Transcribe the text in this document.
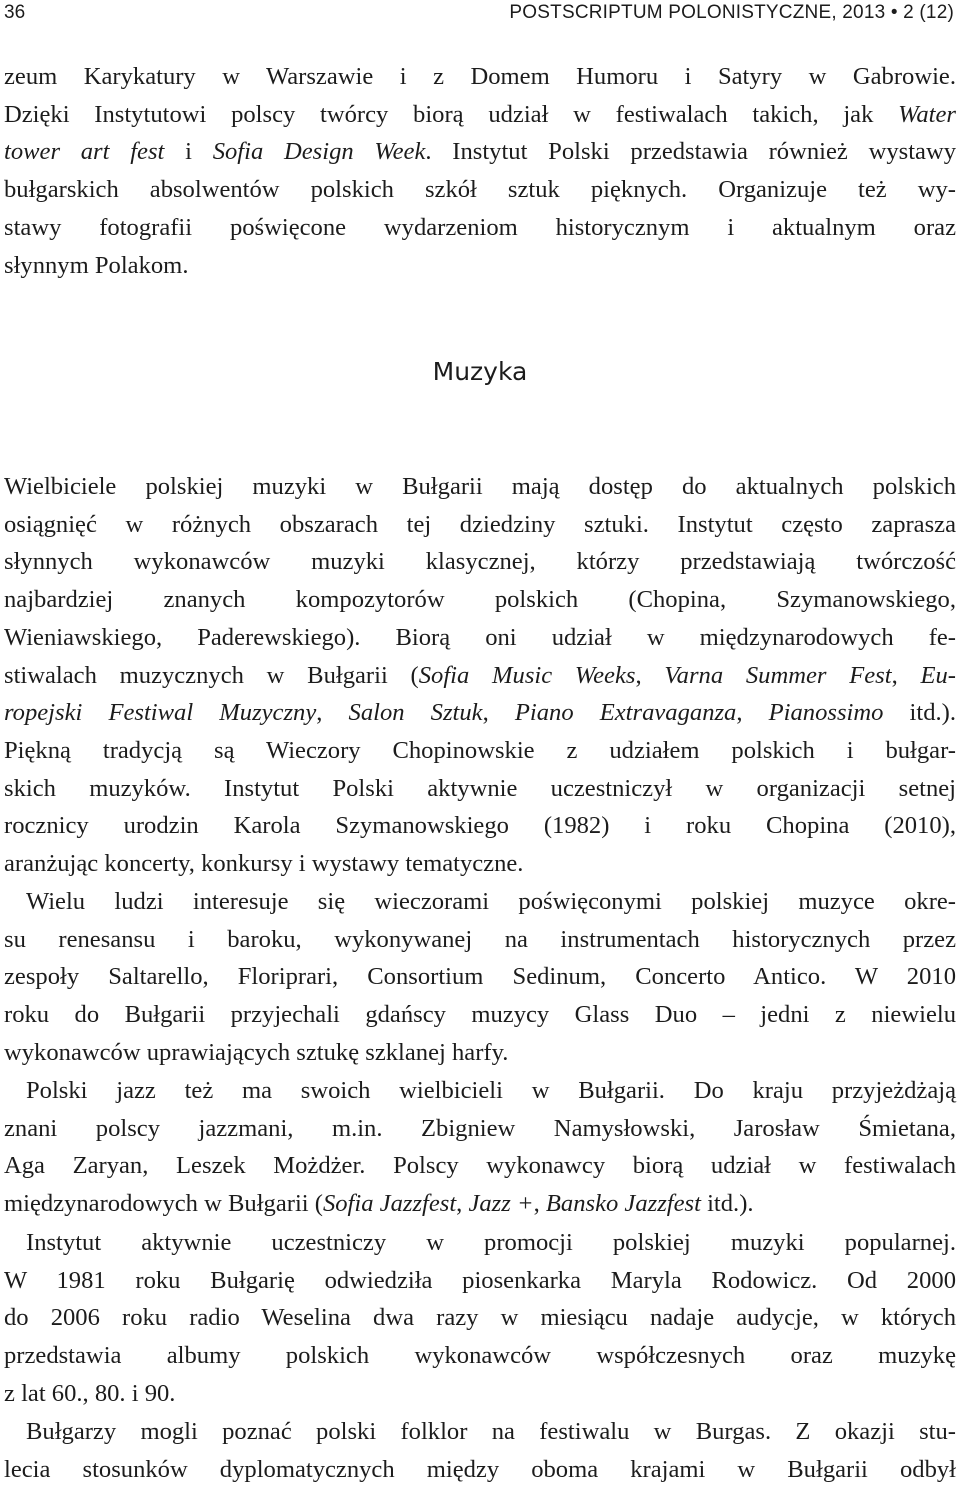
36	POSTSCRIPTUM POLONISTYCZNE, 2013 • 2 (12)

zeum Karykatury w Warszawie i z Domem Humoru i Satyry w Gabrowie.
Dzięki Instytutowi polscy twórcy biorą udział w festiwalach takich, jak Water
tower art fest i Sofia Design Week. Instytut Polski przedstawia również wystawy
bułgarskich absolwentów polskich szkół sztuk pięknych. Organizuje też wy-
stawy fotografii poświęcone wydarzeniom historycznym i aktualnym oraz
słynnym Polakom.

Muzyka

Wielbiciele polskiej muzyki w Bułgarii mają dostęp do aktualnych polskich
osiągnięć w różnych obszarach tej dziedziny sztuki. Instytut często zaprasza
słynnych wykonawców muzyki klasycznej, którzy przedstawiają twórczość
najbardziej znanych kompozytorów polskich (Chopina, Szymanowskiego,
Wieniawskiego, Paderewskiego). Biorą oni udział w międzynarodowych fe-
stiwalach muzycznych w Bułgarii (Sofia Music Weeks, Varna Summer Fest, Eu-
ropejski Festiwal Muzyczny, Salon Sztuk, Piano Extravaganza, Pianossimo itd.).
Piękną tradycją są Wieczory Chopinowskie z udziałem polskich i bułgar-
skich muzyków. Instytut Polski aktywnie uczestniczył w organizacji setnej
rocznicy urodzin Karola Szymanowskiego (1982) i roku Chopina (2010),
aranżując koncerty, konkursy i wystawy tematyczne.

Wielu ludzi interesuje się wieczorami poświęconymi polskiej muzyce okre-
su renesansu i baroku, wykonywanej na instrumentach historycznych przez
zespoły Saltarello, Floriprari, Consortium Sedinum, Concerto Antico. W 2010
roku do Bułgarii przyjechali gdańscy muzycy Glass Duo – jedni z niewielu
wykonawców uprawiających sztukę szklanej harfy.

Polski jazz też ma swoich wielbicieli w Bułgarii. Do kraju przyjeżdżają
znani polscy jazzmani, m.in. Zbigniew Namysłowski, Jarosław Śmietana,
Aga Zaryan, Leszek Możdżer. Polscy wykonawcy biorą udział w festiwalach
międzynarodowych w Bułgarii (Sofia Jazzfest, Jazz +, Bansko Jazzfest itd.).

Instytut aktywnie uczestniczy w promocji polskiej muzyki popularnej.
W 1981 roku Bułgarię odwiedziła piosenkarka Maryla Rodowicz. Od 2000
do 2006 roku radio Weselina dwa razy w miesiącu nadaje audycje, w których
przedstawia albumy polskich wykonawców współczesnych oraz muzykę
z lat 60., 80. i 90.

Bułgarzy mogli poznać polski folklor na festiwalu w Burgas. Z okazji stu-
lecia stosunków dyplomatycznych między oboma krajami w Bułgarii odbył
